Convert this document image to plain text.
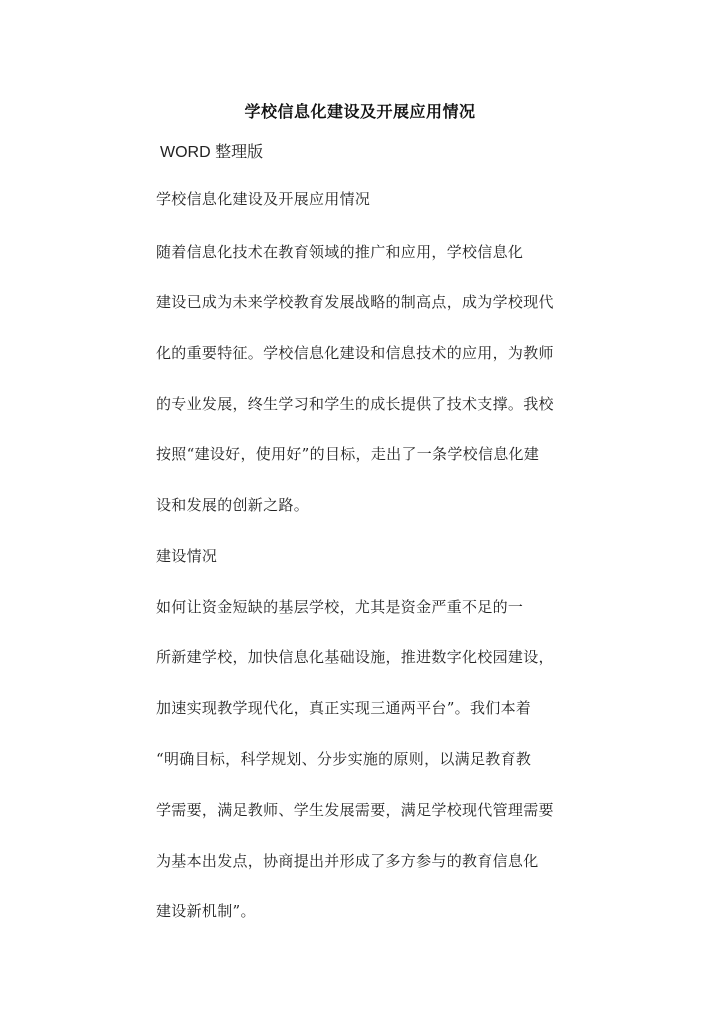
学校信息化建设及开展应用情况
WORD 整理版
学校信息化建设及开展应用情况
随着信息化技术在教育领域的推广和应用，学校信息化
建设已成为未来学校教育发展战略的制高点，成为学校现代
化的重要特征。学校信息化建设和信息技术的应用，为教师
的专业发展，终生学习和学生的成长提供了技术支撑。我校
按照“建设好，使用好”的目标，走出了一条学校信息化建
设和发展的创新之路。
建设情况
如何让资金短缺的基层学校，尤其是资金严重不足的一
所新建学校，加快信息化基础设施，推进数字化校园建设，
加速实现教学现代化，真正实现三通两平台”。我们本着
“明确目标，科学规划、分步实施的原则，以满足教育教
学需要，满足教师、学生发展需要，满足学校现代管理需要
为基本出发点，协商提出并形成了多方参与的教育信息化
建设新机制”。
